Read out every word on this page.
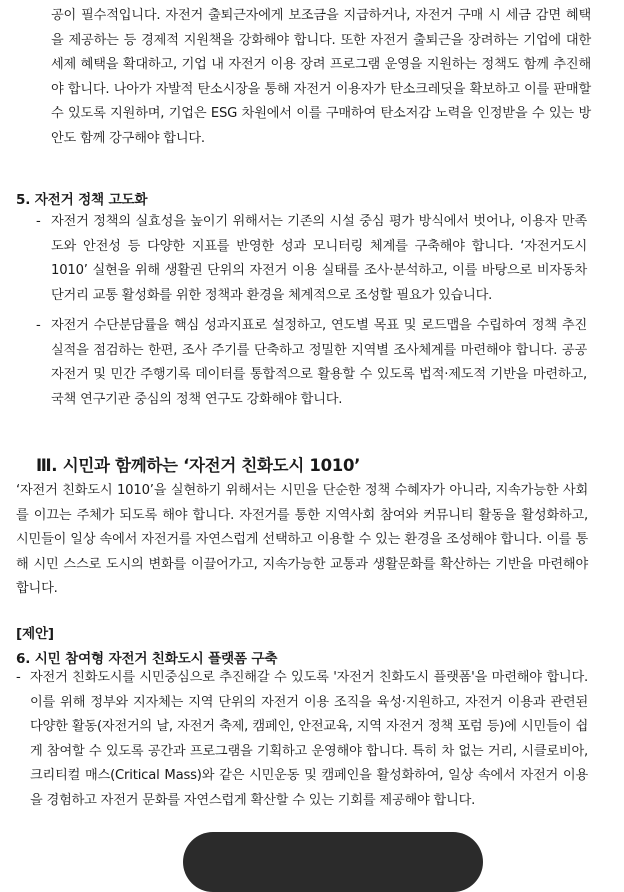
공이 필수적입니다. 자전거 출퇴근자에게 보조금을 지급하거나, 자전거 구매 시 세금 감면 혜택을 제공하는 등 경제적 지원책을 강화해야 합니다. 또한 자전거 출퇴근을 장려하는 기업에 대한 세제 혜택을 확대하고, 기업 내 자전거 이용 장려 프로그램 운영을 지원하는 정책도 함께 추진해야 합니다. 나아가 자발적 탄소시장을 통해 자전거 이용자가 탄소크레딧을 확보하고 이를 판매할 수 있도록 지원하며, 기업은 ESG 차원에서 이를 구매하여 탄소저감 노력을 인정받을 수 있는 방안도 함께 강구해야 합니다.

5. 자전거 정책 고도화
- 자전거 정책의 실효성을 높이기 위해서는 기존의 시설 중심 평가 방식에서 벗어나, 이용자 만족도와 안전성 등 다양한 지표를 반영한 성과 모니터링 체계를 구축해야 합니다. ‘자전거도시 1010’ 실현을 위해 생활권 단위의 자전거 이용 실태를 조사·분석하고, 이를 바탕으로 비자동차 단거리 교통 활성화를 위한 정책과 환경을 체계적으로 조성할 필요가 있습니다.

- 자전거 수단분담률을 핵심 성과지표로 설정하고, 연도별 목표 및 로드맵을 수립하여 정책 추진 실적을 점검하는 한편, 조사 주기를 단축하고 정밀한 지역별 조사체계를 마련해야 합니다. 공공자전거 및 민간 주행기록 데이터를 통합적으로 활용할 수 있도록 법적·제도적 기반을 마련하고, 국책 연구기관 중심의 정책 연구도 강화해야 합니다.

Ⅲ. 시민과 함께하는 ‘자전거 친화도시 1010’

‘자전거 친화도시 1010’을 실현하기 위해서는 시민을 단순한 정책 수혜자가 아니라, 지속가능한 사회를 이끄는 주체가 되도록 해야 합니다. 자전거를 통한 지역사회 참여와 커뮤니티 활동을 활성화하고, 시민들이 일상 속에서 자전거를 자연스럽게 선택하고 이용할 수 있는 환경을 조성해야 합니다. 이를 통해 시민 스스로 도시의 변화를 이끌어가고, 지속가능한 교통과 생활문화를 확산하는 기반을 마련해야 합니다.

[제안]
6. 시민 참여형 자전거 친화도시 플랫폼 구축
- 자전거 친화도시를 시민중심으로 추진해갈 수 있도록 '자전거 친화도시 플랫폼'을 마련해야 합니다. 이를 위해 정부와 지자체는 지역 단위의 자전거 이용 조직을 육성·지원하고, 자전거 이용과 관련된 다양한 활동(자전거의 날, 자전거 축제, 캠페인, 안전교육, 지역 자전거 정책 포럼 등)에 시민들이 쉽게 참여할 수 있도록 공간과 프로그램을 기획하고 운영해야 합니다. 특히 차 없는 거리, 시클로비아, 크리티컬 매스(Critical Mass)와 같은 시민운동 및 캠페인을 활성화하여, 일상 속에서 자전거 이용을 경험하고 자전거 문화를 자연스럽게 확산할 수 있는 기회를 제공해야 합니다.
